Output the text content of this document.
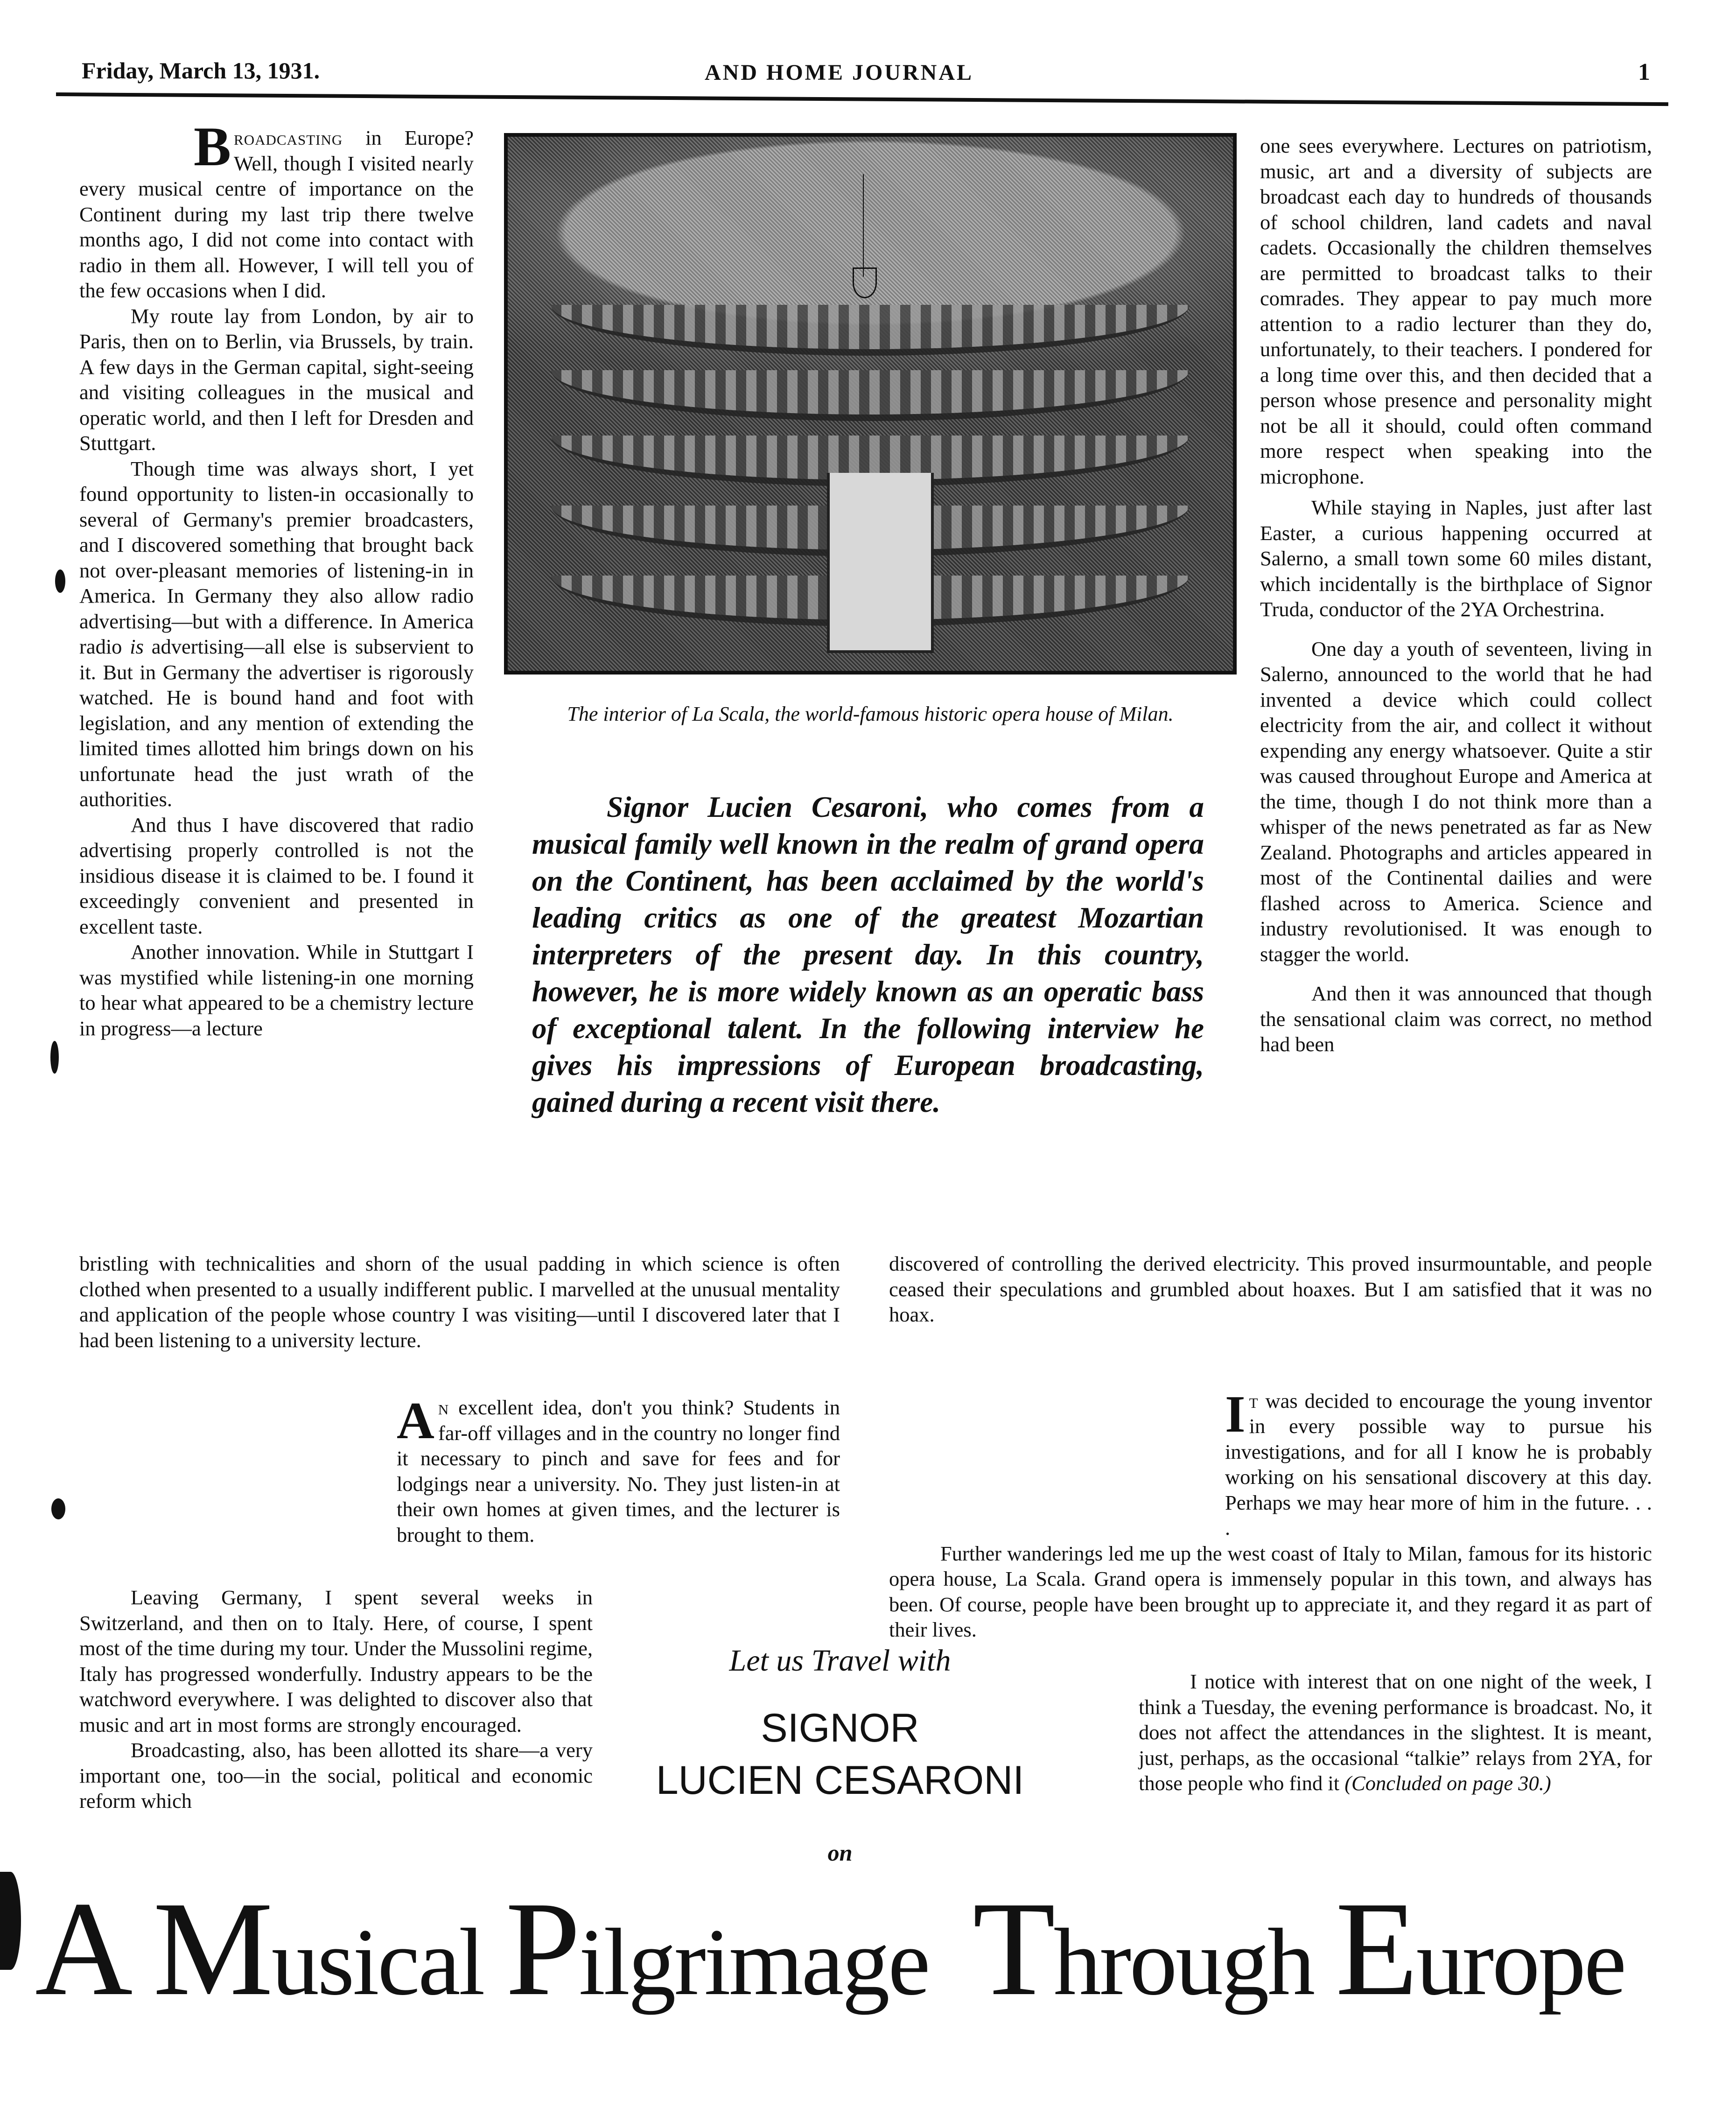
Friday, March 13, 1931.	AND HOME JOURNAL	1

Broadcasting in Europe? Well, though I visited nearly every musical centre of importance on the Continent during my last trip there twelve months ago, I did not come into contact with radio in them all. However, I will tell you of the few occasions when I did.

My route lay from London, by air to Paris, then on to Berlin, via Brussels, by train. A few days in the German capital, sight-seeing and visiting colleagues in the musical and operatic world, and then I left for Dresden and Stuttgart.

Though time was always short, I yet found opportunity to listen-in occasionally to several of Germany's premier broadcasters, and I discovered something that brought back not over-pleasant memories of listening-in in America. In Germany they also allow radio advertising—but with a difference. In America radio is advertising—all else is subservient to it. But in Germany the advertiser is rigorously watched. He is bound hand and foot with legislation, and any mention of extending the limited times allotted him brings down on his unfortunate head the just wrath of the authorities.

And thus I have discovered that radio advertising properly controlled is not the insidious disease it is claimed to be. I found it exceedingly convenient and presented in excellent taste.

Another innovation. While in Stuttgart I was mystified while listening-in one morning to hear what appeared to be a chemistry lecture in progress—a lecture

The interior of La Scala, the world-famous historic opera house of Milan.
Signor Lucien Cesaroni, who comes from a musical family well known in the realm of grand opera on the Continent, has been acclaimed by the world's leading critics as one of the greatest Mozartian interpreters of the present day. In this country, however, he is more widely known as an operatic bass of exceptional talent. In the following interview he gives his impressions of European broadcasting, gained during a recent visit there.

one sees everywhere. Lectures on patriotism, music, art and a diversity of subjects are broadcast each day to hundreds of thousands of school children, land cadets and naval cadets. Occasionally the children themselves are permitted to broadcast talks to their comrades. They appear to pay much more attention to a radio lecturer than they do, unfortunately, to their teachers. I pondered for a long time over this, and then decided that a person whose presence and personality might not be all it should, could often command more respect when speaking into the microphone.

While staying in Naples, just after last Easter, a curious happening occurred at Salerno, a small town some 60 miles distant, which incidentally is the birthplace of Signor Truda, conductor of the 2YA Orchestrina.

One day a youth of seventeen, living in Salerno, announced to the world that he had invented a device which could collect electricity from the air, and collect it without expending any energy whatsoever. Quite a stir was caused throughout Europe and America at the time, though I do not think more than a whisper of the news penetrated as far as New Zealand. Photographs and articles appeared in most of the Continental dailies and were flashed across to America. Science and industry revolutionised. It was enough to stagger the world.

And then it was announced that though the sensational claim was correct, no method had been

bristling with technicalities and shorn of the usual padding in which science is often clothed when presented to a usually indifferent public. I marvelled at the unusual mentality and application of the people whose country I was visiting—until I discovered later that I had been listening to a university lecture.

An excellent idea, don't you think? Students in far-off villages and in the country no longer find it necessary to pinch and save for fees and for lodgings near a university. No. They just listen-in at their own homes at given times, and the lecturer is brought to them.

Leaving Germany, I spent several weeks in Switzerland, and then on to Italy. Here, of course, I spent most of the time during my tour. Under the Mussolini regime, Italy has progressed wonderfully. Industry appears to be the watchword everywhere. I was delighted to discover also that music and art in most forms are strongly encouraged.

Broadcasting, also, has been allotted its share—a very important one, too—in the social, political and economic reform which

discovered of controlling the derived electricity. This proved insurmountable, and people ceased their speculations and grumbled about hoaxes. But I am satisfied that it was no hoax.

It was decided to encourage the young inventor in every possible way to pursue his investigations, and for all I know he is probably working on his sensational discovery at this day. Perhaps we may hear more of him in the future. . . .

Further wanderings led me up the west coast of Italy to Milan, famous for its historic opera house, La Scala. Grand opera is immensely popular in this town, and always has been. Of course, people have been brought up to appreciate it, and they regard it as part of their lives.

I notice with interest that on one night of the week, I think a Tuesday, the evening performance is broadcast. No, it does not affect the attendances in the slightest. It is meant, just, perhaps, as the occasional “talkie” relays from 2YA, for those people who find it (Concluded on page 30.)

Let us Travel with
SIGNOR
LUCIEN CESARONI
on
A Musical Pilgrimage Through Europe
